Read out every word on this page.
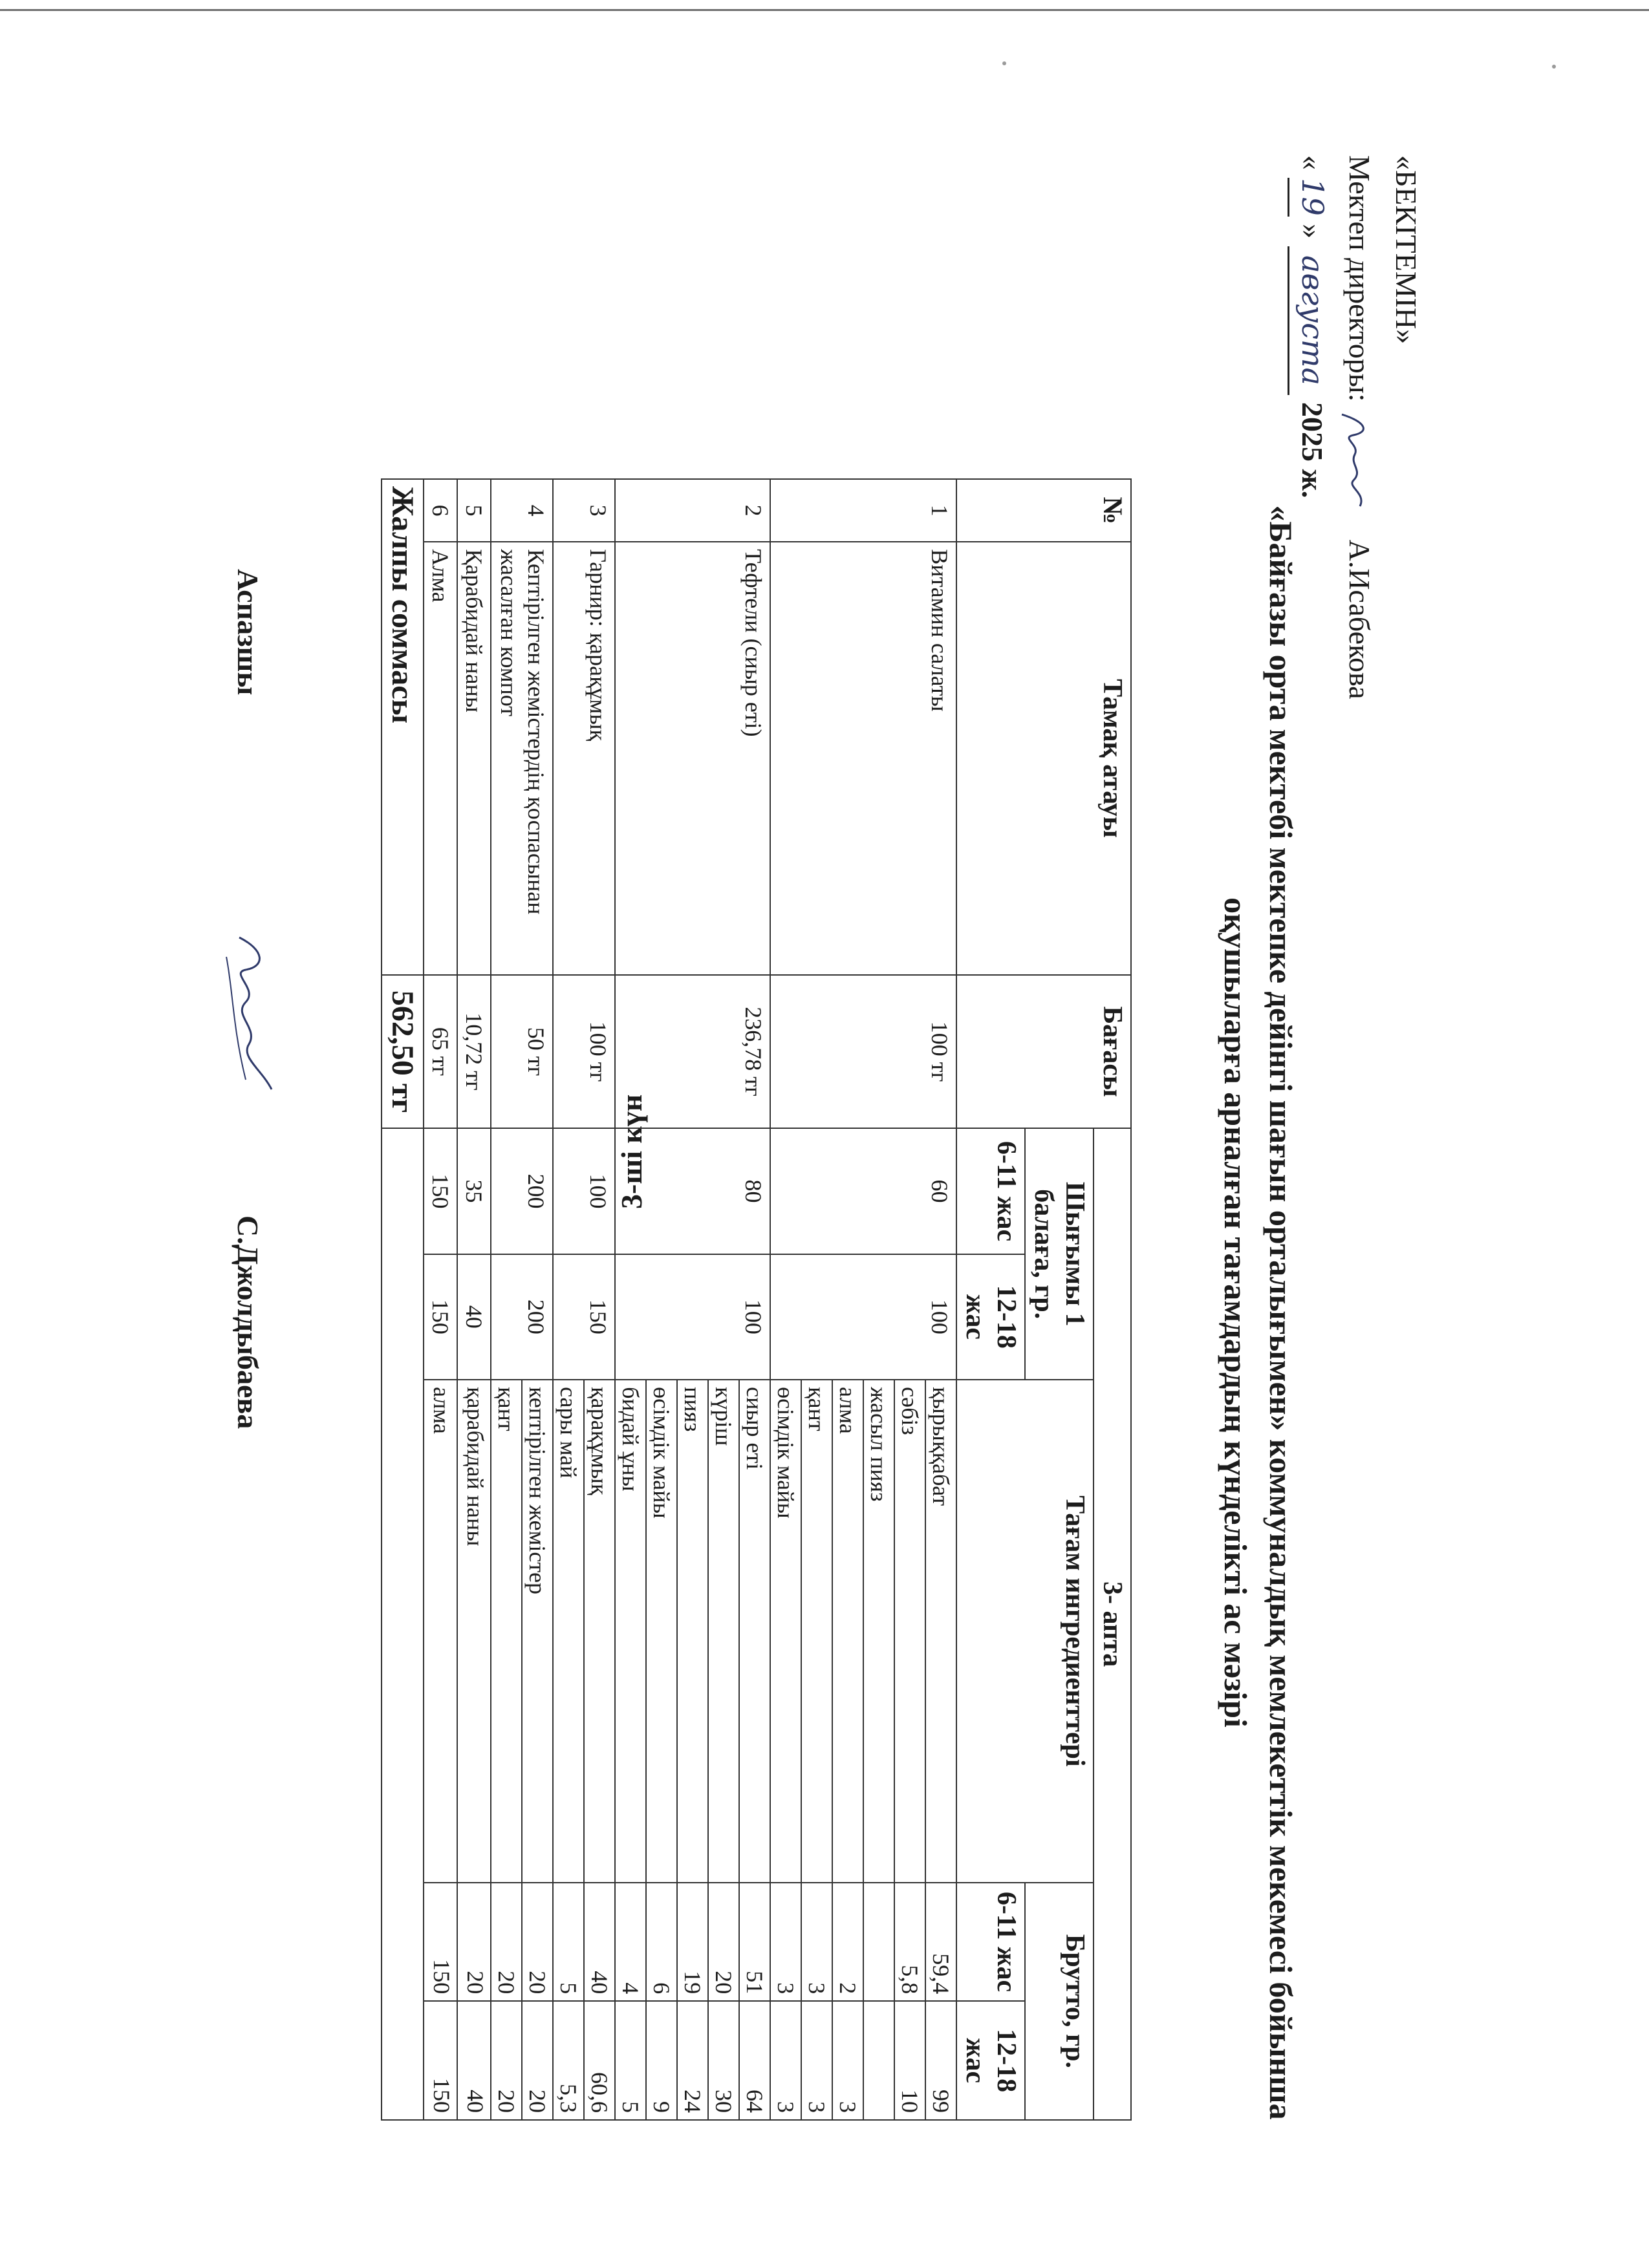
«БЕКІТЕМІН»
Мектеп директоры:  А.Исабекова
« 19 » августа 2025 ж.
«Байғазы орта мектебі мектепке дейінгі шағын орталығымен» коммуналдық мемлекеттік мекемесі бойынша
оқушыларға арналған тағамдардың күнделікті ас мәзірі
3-ші күн
№	Тамақ атауы	Бағасы	3- апта				
			Шығымы 1 балаға, гр.		Тағам ингредиенттері	Брутто, гр.	
			6-11 жас	12-18 жас		6-11 жас	12-18 жас
1	Витамин салаты	100 тг	60	100	қырыққабат	59,4	99
					сәбіз	5,8	10
					жасыл пияз		
					алма	2	3
					қант	3	3
					өсімдік майы	3	3
2	Тефтели (сиыр еті)	236,78 тг	80	100	сиыр еті	51	64
					күріш	20	30
					пияз	19	24
					өсімдік майы	6	9
					бидай ұны	4	5
3	Гарнир: қарақұмық	100 тг	100	150	қарақұмық	40	60,6
					сары май	5	5,3
4	Кептірілген жемістердің қоспасынан жасалған компот	50 тг	200	200	кептірілген жемістер	20	20
					қант	20	20
5	Қарабидай наны	10,72 тг	35	40	қарабидай наны	20	40
6	Алма	65 тг	150	150	алма	150	150
Жалпы соммасы		562,50 тг					
Аспазшы
С.Джолдыбаева
